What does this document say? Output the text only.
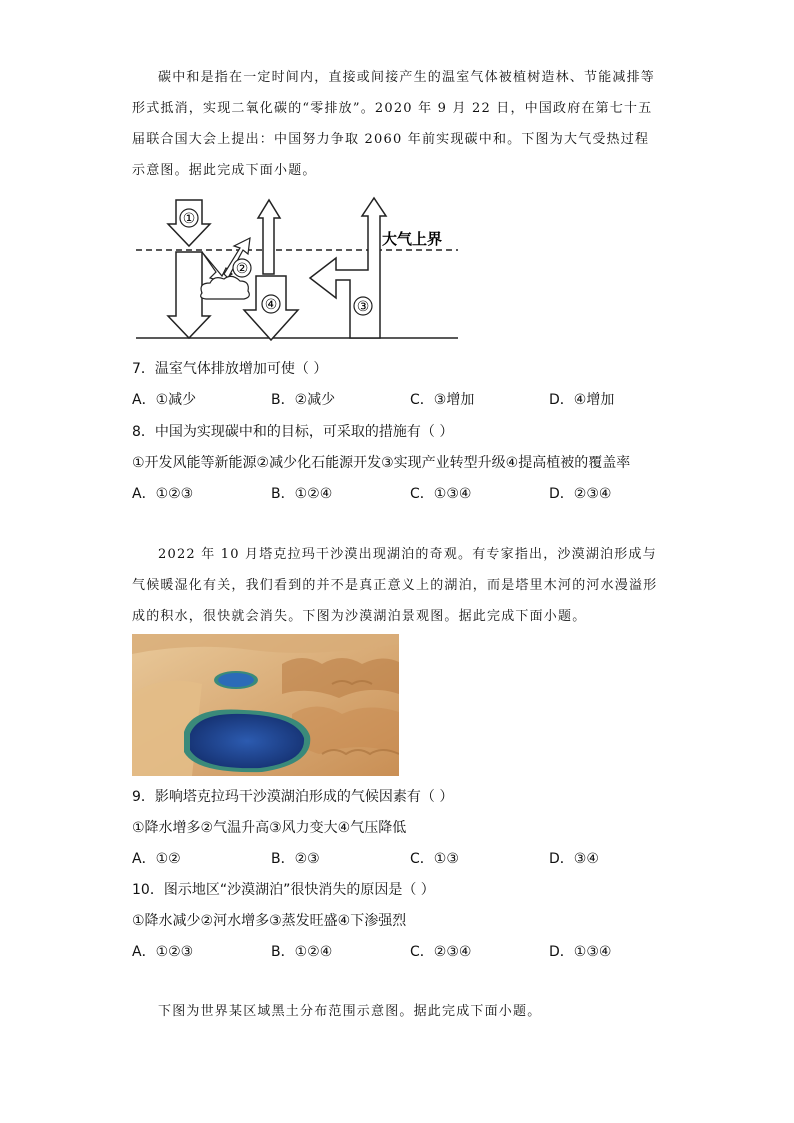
碳中和是指在一定时间内，直接或间接产生的温室气体被植树造林、节能减排等形式抵消，实现二氧化碳的“零排放”。2020 年 9 月 22 日，中国政府在第七十五届联合国大会上提出：中国努力争取 2060 年前实现碳中和。下图为大气受热过程示意图。据此完成下面小题。

大气上界
①
②
④	③

7．温室气体排放增加可使（ ）

A．①减少	B．②减少	C．③增加	D．④增加

8．中国为实现碳中和的目标，可采取的措施有（ ）

①开发风能等新能源②减少化石能源开发③实现产业转型升级④提高植被的覆盖率

A．①②③	B．①②④	C．①③④	D．②③④

2022 年 10 月塔克拉玛干沙漠出现湖泊的奇观。有专家指出，沙漠湖泊形成与气候暖湿化有关，我们看到的并不是真正意义上的湖泊，而是塔里木河的河水漫溢形成的积水，很快就会消失。下图为沙漠湖泊景观图。据此完成下面小题。

9．影响塔克拉玛干沙漠湖泊形成的气候因素有（ ）

①降水增多②气温升高③风力变大④气压降低

A．①②	B．②③	C．①③	D．③④

10．图示地区“沙漠湖泊”很快消失的原因是（ ）

①降水减少②河水增多③蒸发旺盛④下渗强烈

A．①②③	B．①②④	C．②③④	D．①③④

下图为世界某区域黑土分布范围示意图。据此完成下面小题。
